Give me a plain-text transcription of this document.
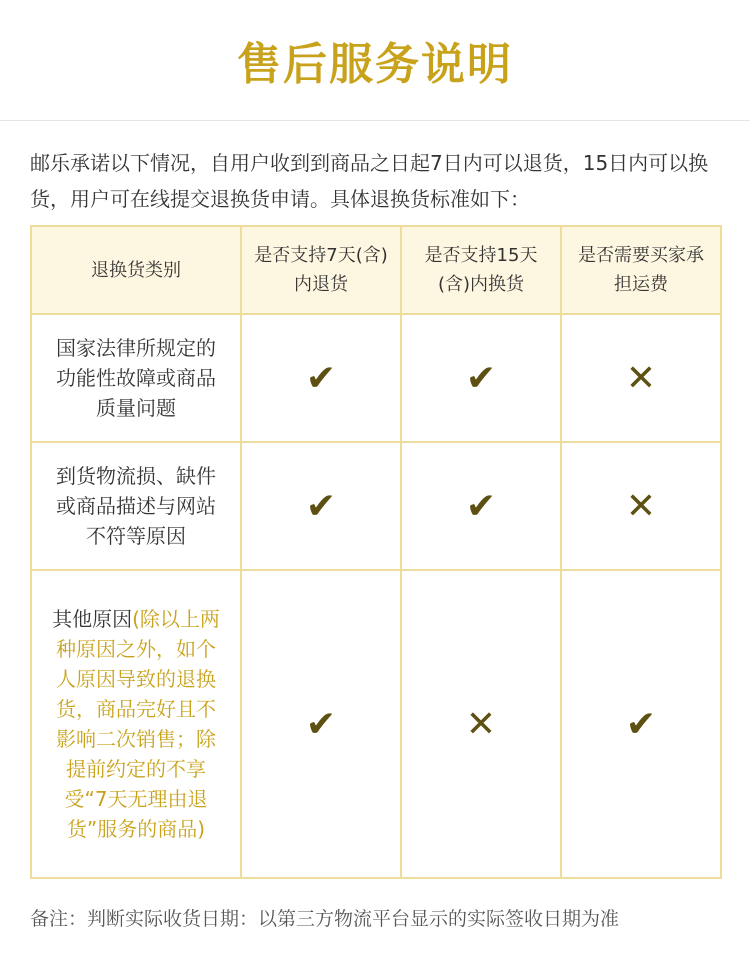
售后服务说明
邮乐承诺以下情况，自用户收到到商品之日起7日内可以退货，15日内可以换货，用户可在线提交退换货申请。具体退换货标准如下：
退换货类别	是否支持7天(含)内退货	是否支持15天(含)内换货	是否需要买家承担运费
国家法律所规定的功能性故障或商品质量问题	✔	✔	✕
到货物流损、缺件或商品描述与网站不符等原因	✔	✔	✕
其他原因(除以上两种原因之外，如个人原因导致的退换货，商品完好且不影响二次销售；除提前约定的不享受“7天无理由退货”服务的商品)	✔	✕	✔
备注：判断实际收货日期：以第三方物流平台显示的实际签收日期为准
